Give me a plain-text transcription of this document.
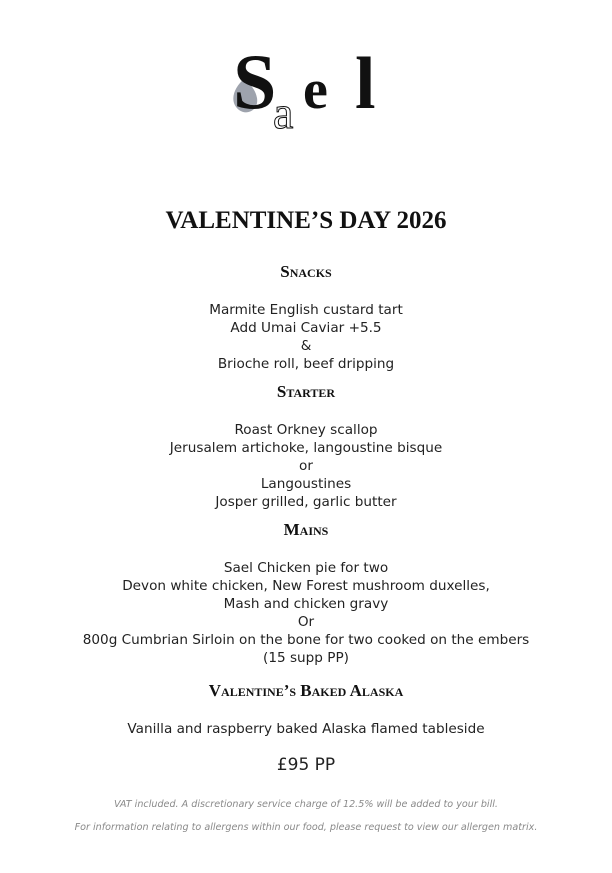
S
a e l
VALENTINE’S DAY 2026
Snacks
Marmite English custard tart
Add Umai Caviar +5.5
&
Brioche roll, beef dripping
Starter
Roast Orkney scallop
Jerusalem artichoke, langoustine bisque
or
Langoustines
Josper grilled, garlic butter
Mains
Sael Chicken pie for two
Devon white chicken, New Forest mushroom duxelles,
Mash and chicken gravy
Or
800g Cumbrian Sirloin on the bone for two cooked on the embers
(15 supp PP)
Valentine’s Baked Alaska
Vanilla and raspberry baked Alaska flamed tableside
£95 PP
VAT included. A discretionary service charge of 12.5% will be added to your bill.
For information relating to allergens within our food, please request to view our allergen matrix.
